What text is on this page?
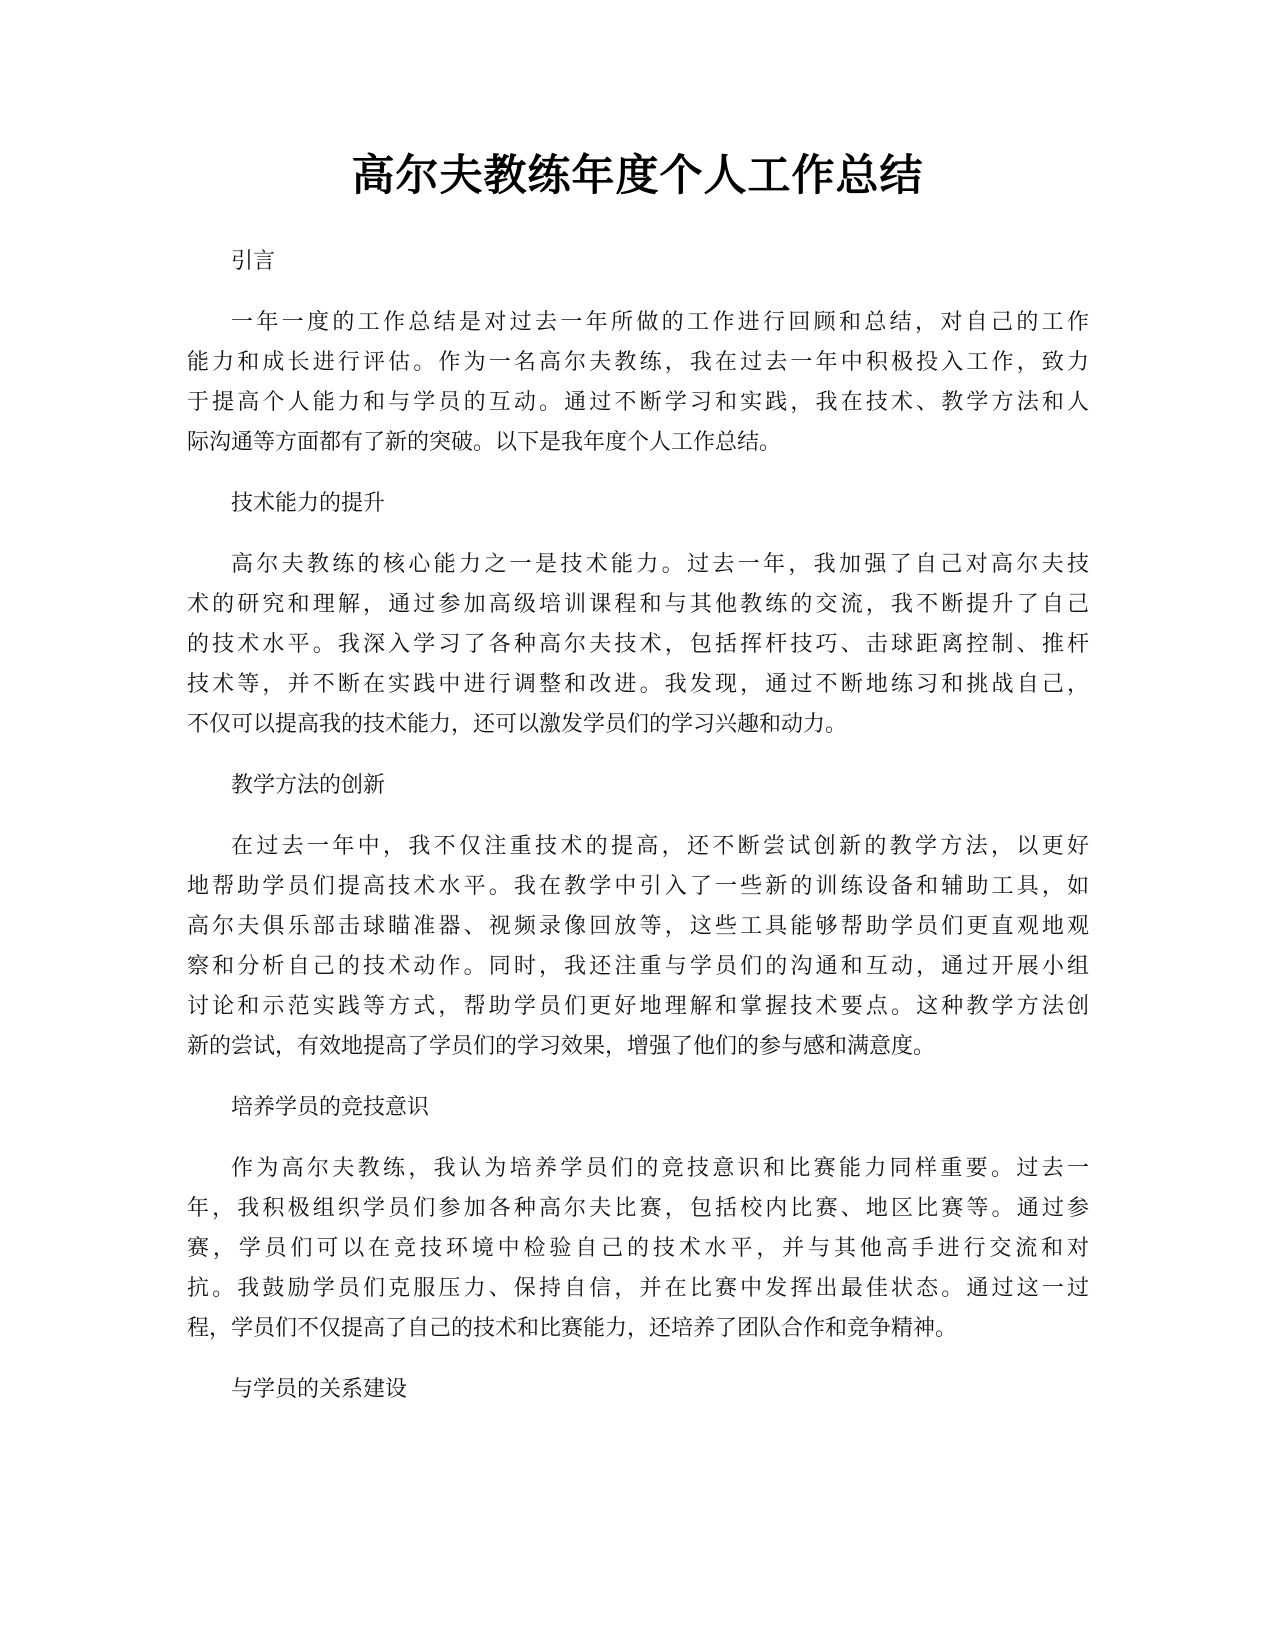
高尔夫教练年度个人工作总结

引言

一年一度的工作总结是对过去一年所做的工作进行回顾和总结，对自己的工作
能力和成长进行评估。作为一名高尔夫教练，我在过去一年中积极投入工作，致力
于提高个人能力和与学员的互动。通过不断学习和实践，我在技术、教学方法和人
际沟通等方面都有了新的突破。以下是我年度个人工作总结。

技术能力的提升

高尔夫教练的核心能力之一是技术能力。过去一年，我加强了自己对高尔夫技
术的研究和理解，通过参加高级培训课程和与其他教练的交流，我不断提升了自己
的技术水平。我深入学习了各种高尔夫技术，包括挥杆技巧、击球距离控制、推杆
技术等，并不断在实践中进行调整和改进。我发现，通过不断地练习和挑战自己，
不仅可以提高我的技术能力，还可以激发学员们的学习兴趣和动力。

教学方法的创新

在过去一年中，我不仅注重技术的提高，还不断尝试创新的教学方法，以更好
地帮助学员们提高技术水平。我在教学中引入了一些新的训练设备和辅助工具，如
高尔夫俱乐部击球瞄准器、视频录像回放等，这些工具能够帮助学员们更直观地观
察和分析自己的技术动作。同时，我还注重与学员们的沟通和互动，通过开展小组
讨论和示范实践等方式，帮助学员们更好地理解和掌握技术要点。这种教学方法创
新的尝试，有效地提高了学员们的学习效果，增强了他们的参与感和满意度。

培养学员的竞技意识

作为高尔夫教练，我认为培养学员们的竞技意识和比赛能力同样重要。过去一
年，我积极组织学员们参加各种高尔夫比赛，包括校内比赛、地区比赛等。通过参
赛，学员们可以在竞技环境中检验自己的技术水平，并与其他高手进行交流和对
抗。我鼓励学员们克服压力、保持自信，并在比赛中发挥出最佳状态。通过这一过
程，学员们不仅提高了自己的技术和比赛能力，还培养了团队合作和竞争精神。

与学员的关系建设
